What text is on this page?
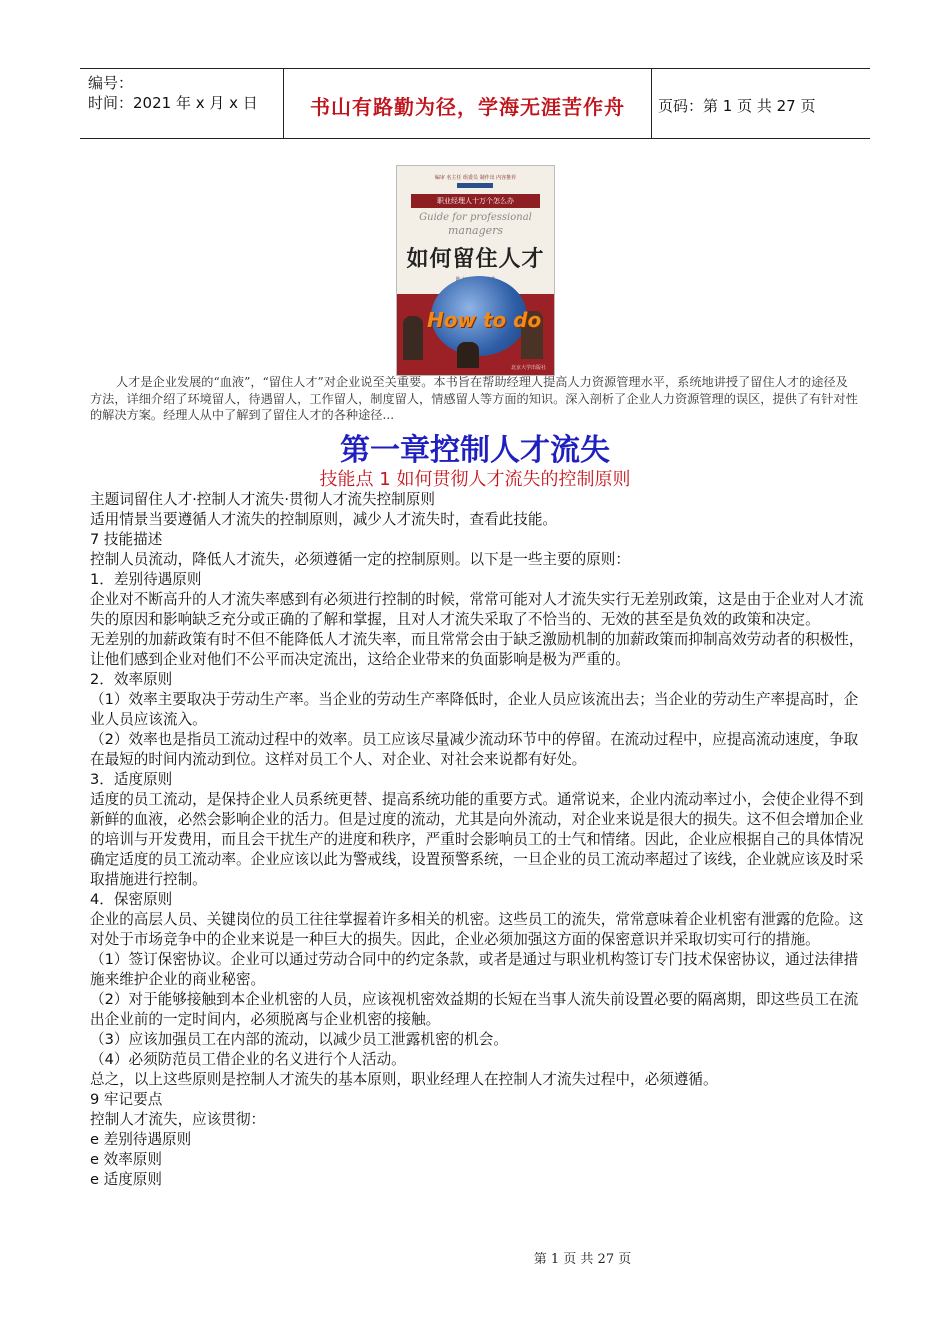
编号：
时间：2021 年 x 月 x 日	书山有路勤为径，学海无涯苦作舟	页码：第 1 页 共 27 页
编审 名主任 组委员 制作出 内容推荐
职业经理人十万个怎么办
Guide for professional
managers
如何留住人才
How to do
北京大学出版社
人才是企业发展的“血液”，“留住人才”对企业说至关重要。本书旨在帮助经理人提高人力资源管理水平，系统地讲授了留住人才的途径及方法，详细介绍了环境留人，待遇留人，工作留人，制度留人，情感留人等方面的知识。深入剖析了企业人力资源管理的误区，提供了有针对性的解决方案。经理人从中了解到了留住人才的各种途径...
第一章控制人才流失
技能点 1 如何贯彻人才流失的控制原则

主题词留住人才·控制人才流失·贯彻人才流失控制原则

适用情景当要遵循人才流失的控制原则，减少人才流失时，查看此技能。

7 技能描述

控制人员流动，降低人才流失，必须遵循一定的控制原则。以下是一些主要的原则：

1．差别待遇原则

企业对不断高升的人才流失率感到有必须进行控制的时候，常常可能对人才流失实行无差别政策，这是由于企业对人才流失的原因和影响缺乏充分或正确的了解和掌握，且对人才流失采取了不恰当的、无效的甚至是负效的政策和决定。

无差别的加薪政策有时不但不能降低人才流失率，而且常常会由于缺乏激励机制的加薪政策而抑制高效劳动者的积极性，让他们感到企业对他们不公平而决定流出，这给企业带来的负面影响是极为严重的。

2．效率原则

（1）效率主要取决于劳动生产率。当企业的劳动生产率降低时，企业人员应该流出去；当企业的劳动生产率提高时，企业人员应该流入。

（2）效率也是指员工流动过程中的效率。员工应该尽量减少流动环节中的停留。在流动过程中，应提高流动速度，争取在最短的时间内流动到位。这样对员工个人、对企业、对社会来说都有好处。

3．适度原则

适度的员工流动，是保持企业人员系统更替、提高系统功能的重要方式。通常说来，企业内流动率过小，会使企业得不到新鲜的血液，必然会影响企业的活力。但是过度的流动，尤其是向外流动，对企业来说是很大的损失。这不但会增加企业的培训与开发费用，而且会干扰生产的进度和秩序，严重时会影响员工的士气和情绪。因此，企业应根据自己的具体情况确定适度的员工流动率。企业应该以此为警戒线，设置预警系统，一旦企业的员工流动率超过了该线，企业就应该及时采取措施进行控制。

4．保密原则

企业的高层人员、关键岗位的员工往往掌握着许多相关的机密。这些员工的流失，常常意味着企业机密有泄露的危险。这对处于市场竞争中的企业来说是一种巨大的损失。因此，企业必须加强这方面的保密意识并采取切实可行的措施。

（1）签订保密协议。企业可以通过劳动合同中的约定条款，或者是通过与职业机构签订专门技术保密协议，通过法律措施来维护企业的商业秘密。

（2）对于能够接触到本企业机密的人员，应该视机密效益期的长短在当事人流失前设置必要的隔离期，即这些员工在流出企业前的一定时间内，必须脱离与企业机密的接触。

（3）应该加强员工在内部的流动，以减少员工泄露机密的机会。

（4）必须防范员工借企业的名义进行个人活动。

总之，以上这些原则是控制人才流失的基本原则，职业经理人在控制人才流失过程中，必须遵循。

9 牢记要点

控制人才流失，应该贯彻：

e 差别待遇原则

e 效率原则

e 适度原则

第 1 页 共 27 页
